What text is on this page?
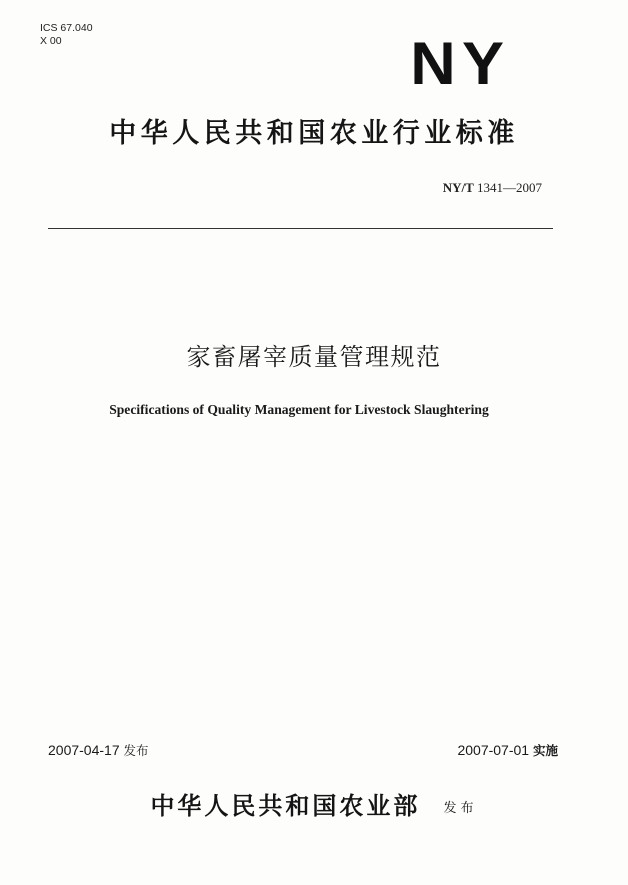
ICS 67.040
X 00	NY
中华人民共和国农业行业标准
NY/T 1341—2007
家畜屠宰质量管理规范
Specifications of Quality Management for Livestock Slaughtering
2007-04-17 发布	2007-07-01 实施
中华人民共和国农业部 发布
